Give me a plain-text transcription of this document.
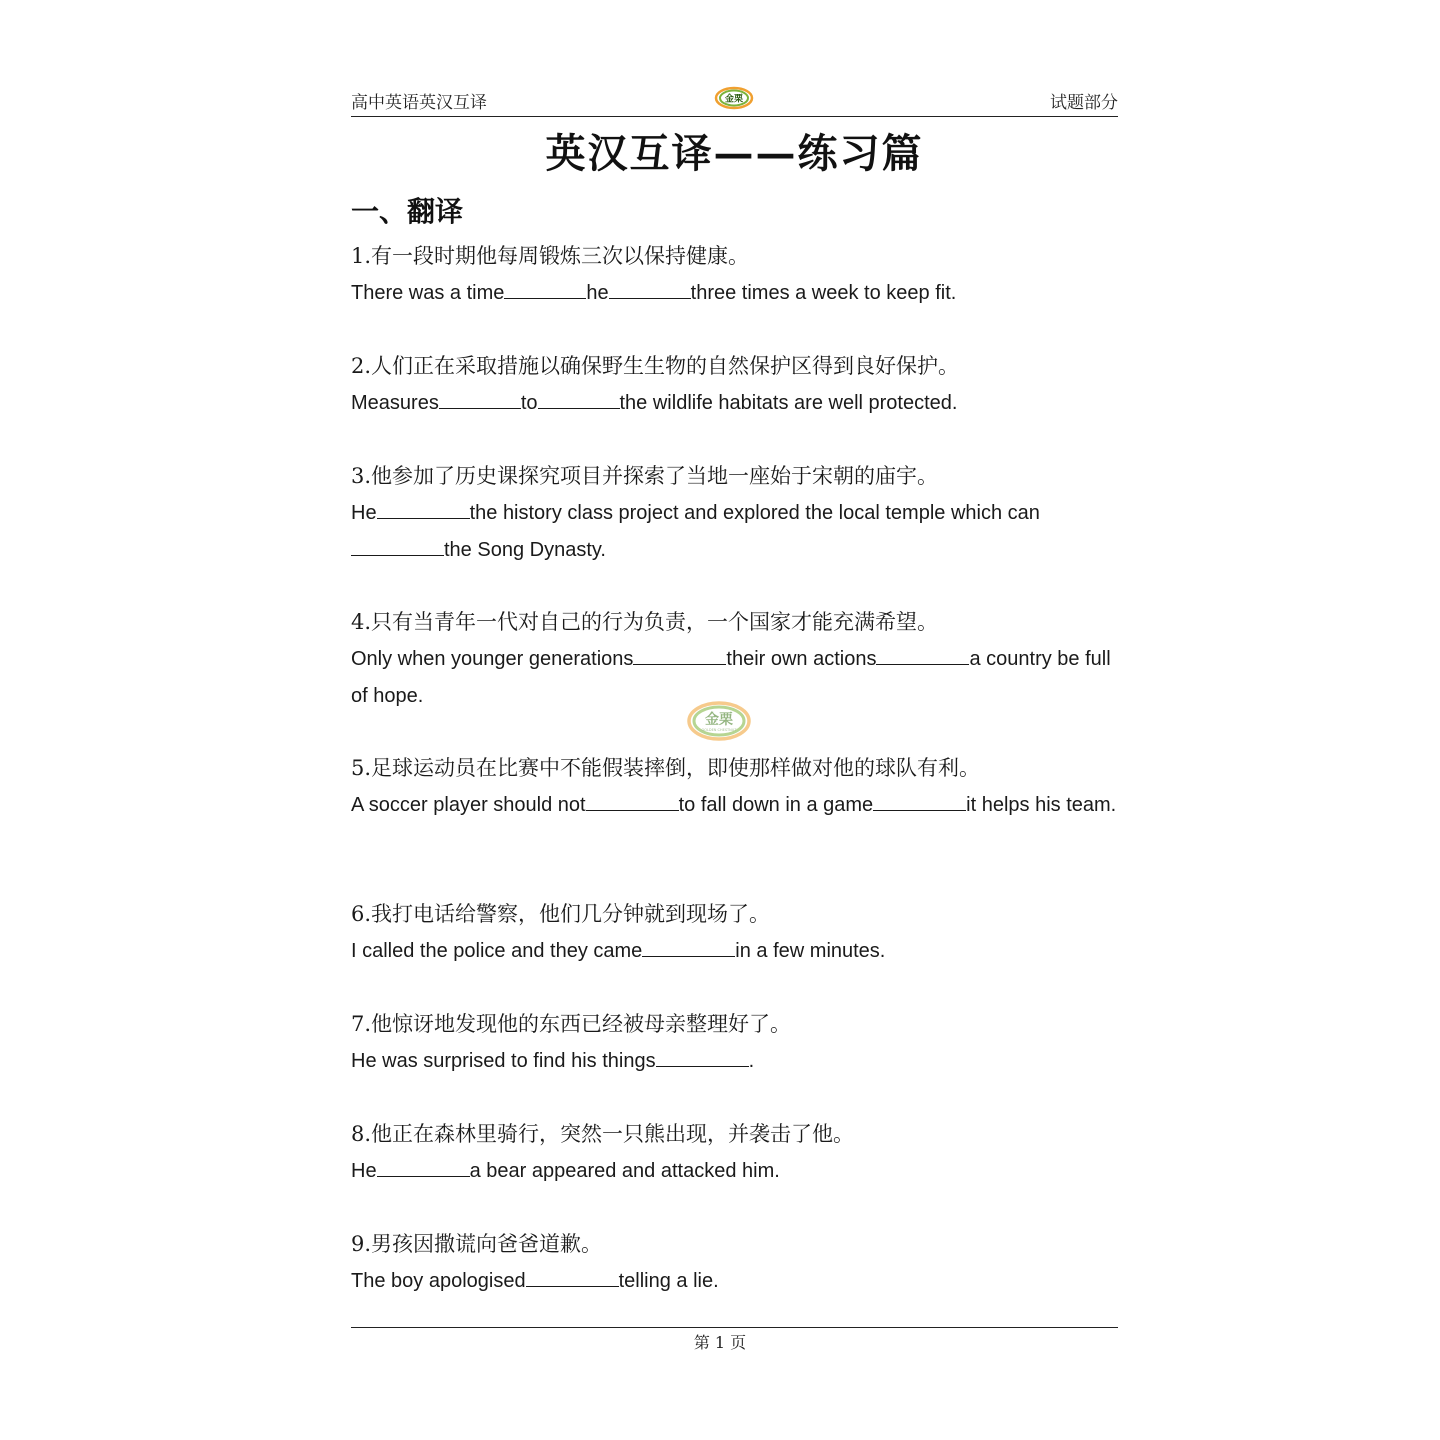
高中英语英汉互译	金栗	试题部分
英汉互译——练习篇
一、翻译
1.有一段时期他每周锻炼三次以保持健康。
There was a time	he	three times a week to keep fit.
2.人们正在采取措施以确保野生生物的自然保护区得到良好保护。
Measures	to	the wildlife habitats are well protected.
3.他参加了历史课探究项目并探索了当地一座始于宋朝的庙宇。
He	the history class project and explored the local temple which canthe Song Dynasty.
4.只有当青年一代对自己的行为负责，一个国家才能充满希望。
Only when younger generations	their own actions	a country be full of hope.
5.足球运动员在比赛中不能假装摔倒，即使那样做对他的球队有利。
A soccer player should not	to fall down in a game	it helps his team.
6.我打电话给警察，他们几分钟就到现场了。
I called the police and they came	in a few minutes.
7.他惊讶地发现他的东西已经被母亲整理好了。
He was surprised to find his things	.
8.他正在森林里骑行，突然一只熊出现，并袭击了他。
He	a bear appeared and attacked him.
9.男孩因撒谎向爸爸道歉。
The boy apologised	telling a lie.
金栗
GOLDEN CHESTNUT
第 1 页
